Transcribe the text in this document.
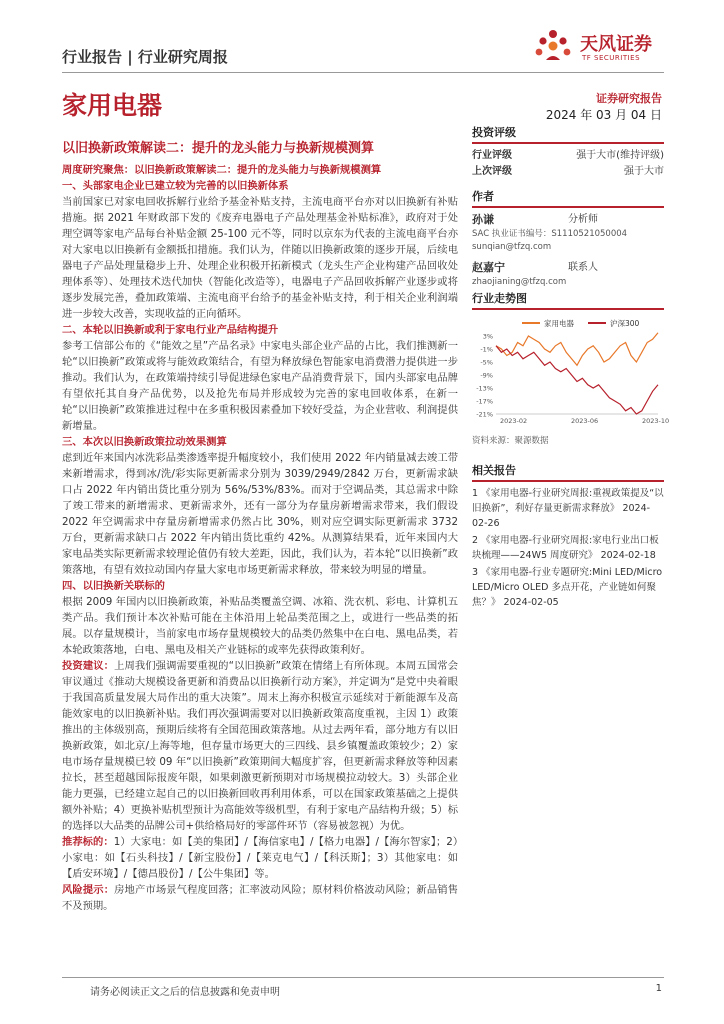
行业报告 | 行业研究周报
天风证券
TF SECURITIES
家用电器	证券研究报告
2024 年 03 月 04 日
以旧换新政策解读二：提升的龙头能力与换新规模测算

周度研究聚焦：以旧换新政策解读二：提升的龙头能力与换新规模测算

一、头部家电企业已建立较为完善的以旧换新体系

当前国家已对家电回收拆解行业给予基金补贴支持，主流电商平台亦对以旧换新有补贴措施。据 2021 年财政部下发的《废弃电器电子产品处理基金补贴标准》，政府对于处理空调等家电产品每台补贴金额 25-100 元不等，同时以京东为代表的主流电商平台亦对大家电以旧换新有金额抵扣措施。我们认为，伴随以旧换新政策的逐步开展，后续电器电子产品处理量稳步上升、处理企业积极开拓新模式（龙头生产企业构建产品回收处理体系等）、处理技术迭代加快（智能化改造等），电器电子产品回收拆解产业逐步或将逐步发展完善，叠加政策端、主流电商平台给予的基金补贴支持，利于相关企业利润端进一步较大改善，实现收益的正向循环。

二、本轮以旧换新或利于家电行业产品结构提升

参考工信部公布的《“能效之星”产品名录》中家电头部企业产品的占比，我们推测新一轮“以旧换新”政策或将与能效政策结合，有望为释放绿色智能家电消费潜力提供进一步推动。我们认为，在政策端持续引导促进绿色家电产品消费背景下，国内头部家电品牌有望依托其自身产品优势，以及抢先布局并形成较为完善的家电回收体系，在新一轮“以旧换新”政策推进过程中在多重积极因素叠加下较好受益，为企业营收、利润提供新增量。

三、本次以旧换新政策拉动效果测算

虑到近年来国内冰洗彩品类渗透率提升幅度较小，我们使用 2022 年内销量减去竣工带来新增需求，得到冰/洗/彩实际更新需求分别为 3039/2949/2842 万台，更新需求缺口占 2022 年内销出货比重分别为 56%/53%/83%。而对于空调品类，其总需求中除了竣工带来的新增需求、更新需求外，还有一部分为存量房新增需求带来，我们假设 2022 年空调需求中存量房新增需求仍然占比 30%，则对应空调实际更新需求 3732 万台，更新需求缺口占 2022 年内销出货比重约 42%。从测算结果看，近年来国内大家电品类实际更新需求较理论值仍有较大差距，因此，我们认为，若本轮“以旧换新”政策落地，有望有效拉动国内存量大家电市场更新需求释放，带来较为明显的增量。

四、以旧换新关联标的

根据 2009 年国内以旧换新政策，补贴品类覆盖空调、冰箱、洗衣机、彩电、计算机五类产品。我们预计本次补贴可能在主体沿用上轮品类范围之上，或进行一些品类的拓展。以存量规模计，当前家电市场存量规模较大的品类仍然集中在白电、黑电品类，若本轮政策落地，白电、黑电及相关产业链标的或率先获得政策利好。

投资建议：上周我们强调需要重视的“以旧换新”政策在情绪上有所体现。本周五国常会审议通过《推动大规模设备更新和消费品以旧换新行动方案》，并定调为“是党中央着眼于我国高质量发展大局作出的重大决策”。周末上海亦积极宣示延续对于新能源车及高能效家电的以旧换新补贴。我们再次强调需要对以旧换新政策高度重视，主因 1）政策推出的主体级别高，预期后续将有全国范围政策落地。从过去两年看，部分地方有以旧换新政策，如北京/上海等地，但存量市场更大的三四线、县乡镇覆盖政策较少；2）家电市场存量规模已较 09 年“以旧换新”政策期间大幅度扩容，但更新需求释放等种因素拉长，甚至超越国际报废年限，如果刺激更新预期对市场规模拉动较大。3）头部企业能力更强，已经建立起自己的以旧换新回收再利用体系，可以在国家政策基础之上提供额外补贴；4）更换补贴机型预计为高能效等级机型，有利于家电产品结构升级；5）标的选择以大品类的品牌公司+供给格局好的零部件环节（容易被忽视）为优。

推荐标的：1）大家电：如【美的集团】/【海信家电】/【格力电器】/【海尔智家】；2）小家电：如【石头科技】/【新宝股份】/【莱克电气】/【科沃斯】；3）其他家电：如【盾安环境】/【德昌股份】/【公牛集团】等。

风险提示：房地产市场景气程度回落；汇率波动风险；原材料价格波动风险；新品销售不及预期。

投资评级
行业评级	强于大市(维持评级)
上次评级	强于大市
作者
孙谦	分析师
SAC 执业证书编号：S1110521050004
sunqian@tfzq.com
赵嘉宁	联系人
zhaojianing@tfzq.com
行业走势图
家用电器	沪深300
3%
-1%
-5%
-9%
-13%
-17%
-21%
2023-02	2023-06	2023-10
资料来源：聚源数据
相关报告

1 《家用电器-行业研究周报:重视政策提及“以旧换新”，利好存量更新需求释放》 2024-02-26

2 《家用电器-行业研究周报:家电行业出口板块梳理——24W5 周度研究》 2024-02-18

3 《家用电器-行业专题研究:Mini LED/Micro LED/Micro OLED 多点开花，产业链如何聚焦？》 2024-02-05

请务必阅读正文之后的信息披露和免责申明	1
